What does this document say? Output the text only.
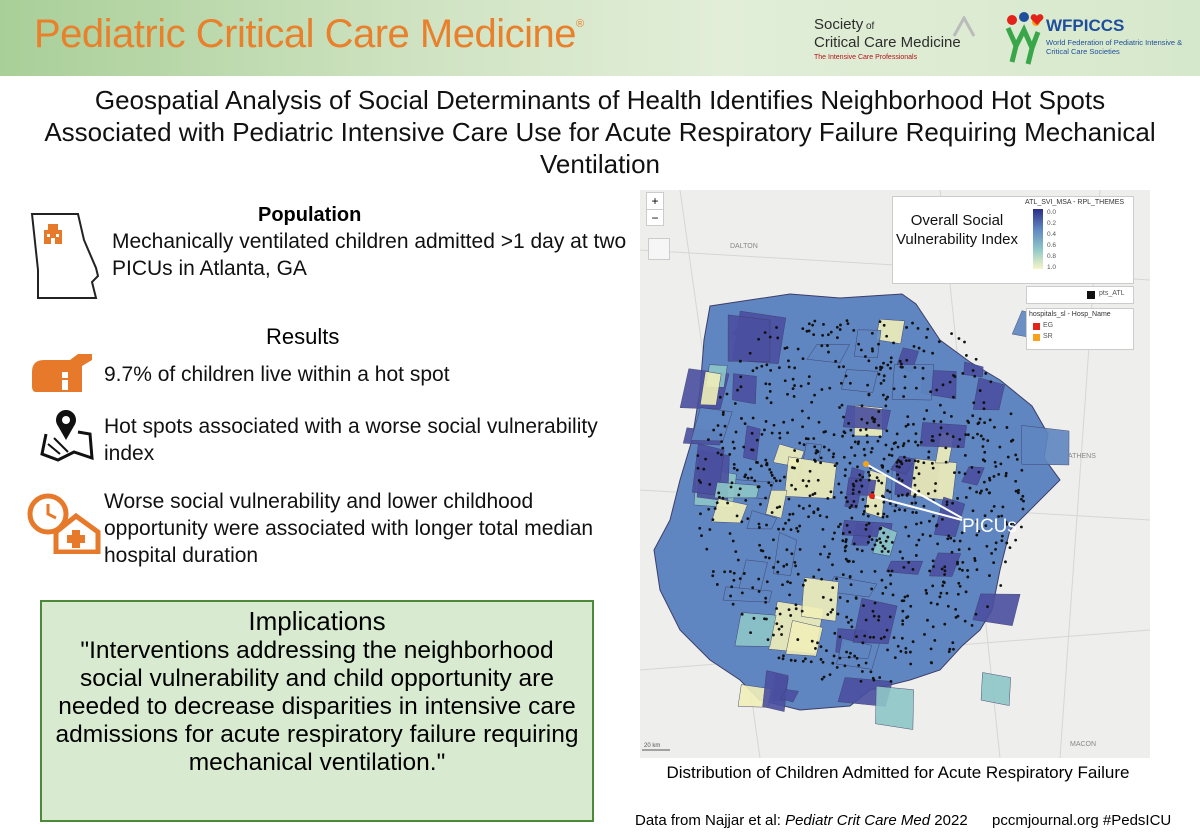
Pediatric Critical Care Medicine®	Society of
Critical Care Medicine
The Intensive Care Professionals
WFPICCS
World Federation of Pediatric Intensive & Critical Care Societies
Geospatial Analysis of Social Determinants of Health Identifies Neighborhood Hot Spots Associated with Pediatric Intensive Care Use for Acute Respiratory Failure Requiring Mechanical Ventilation
Population
Mechanically ventilated children admitted >1 day at two PICUs in Atlanta, GA
Results
9.7% of children live within a hot spot
Hot spots associated with a worse social vulnerability index
Worse social vulnerability and lower childhood opportunity were associated with longer total median hospital duration
Implications
"Interventions addressing the neighborhood social vulnerability and child opportunity are needed to decrease disparities in intensive care admissions for acute respiratory failure requiring mechanical ventilation."
PICUs
DALTON
ATHENS
MACON
20 km
+
−
ATL_SVI_MSA - RPL_THEMES
0.0
0.2
0.4
0.6
0.8
1.0
Overall Social Vulnerability Index
pts_ATL
hospitals_sl - Hosp_Name
EG
SR
Distribution of Children Admitted for Acute Respiratory Failure
Data from Najjar et al: Pediatr Crit Care Med 2022 pccmjournal.org #PedsICU
